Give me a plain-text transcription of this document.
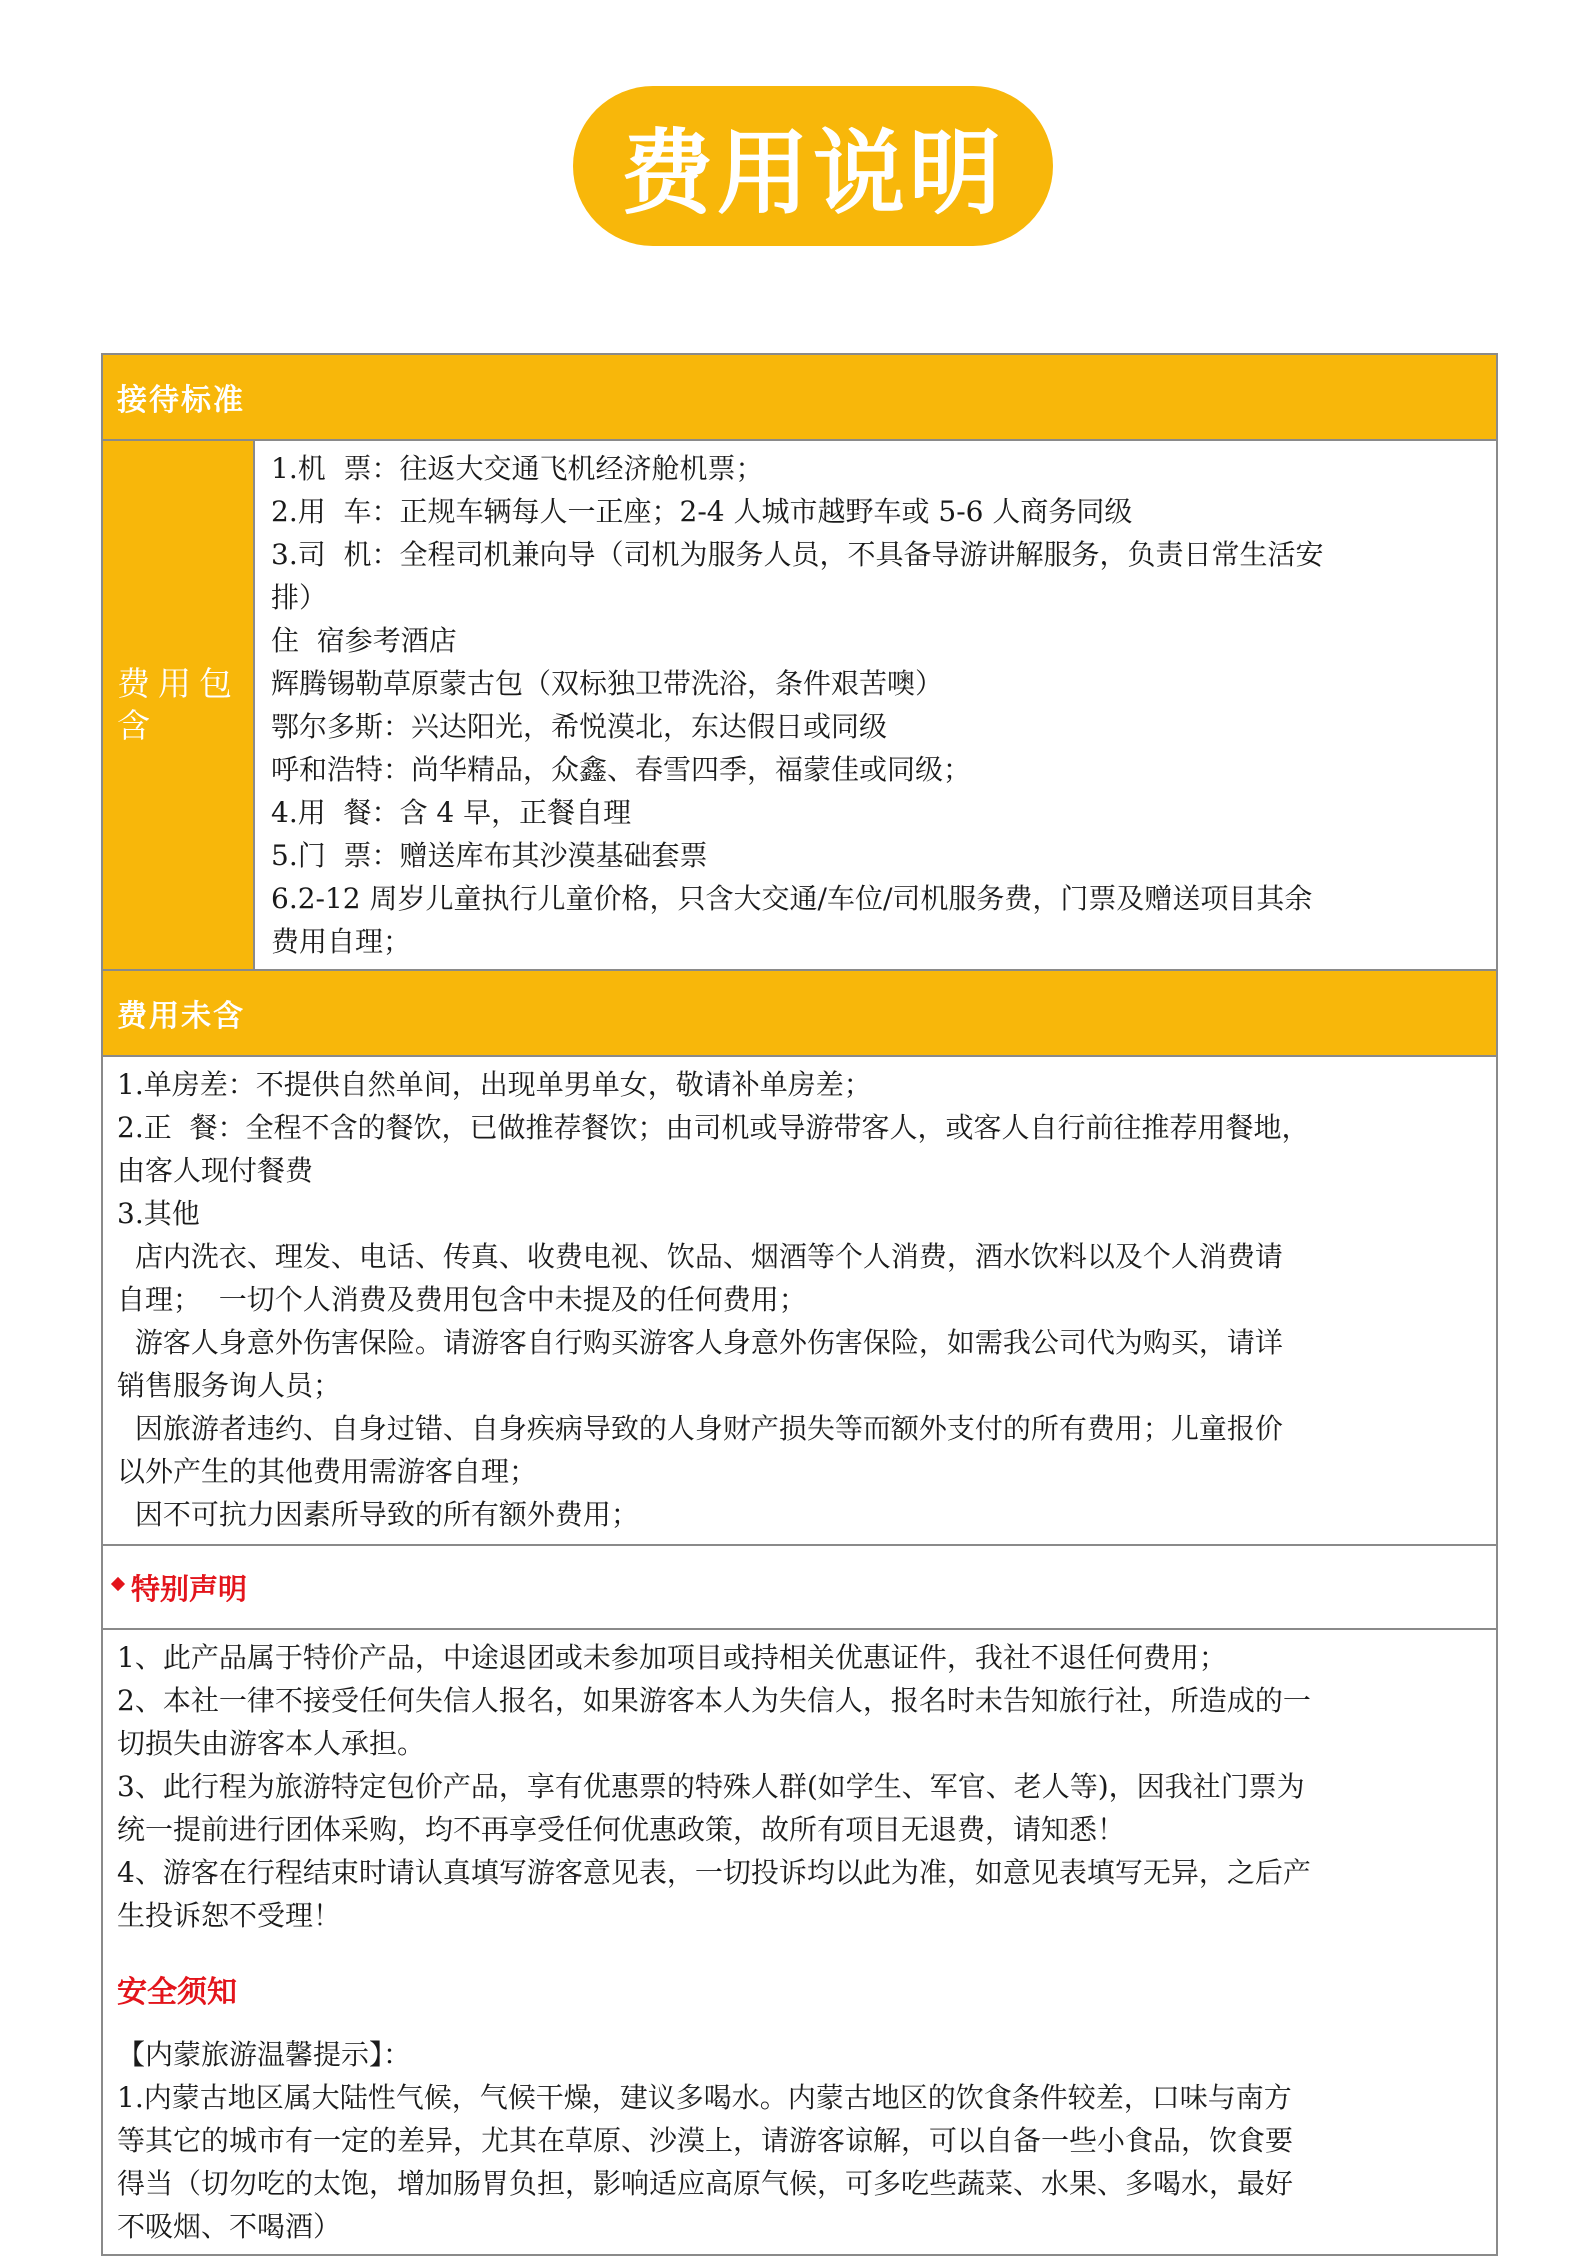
费用说明
接待标准
费用包含
1.机  票：往返大交通飞机经济舱机票；
2.用  车：正规车辆每人一正座；2-4 人城市越野车或 5-6 人商务同级
3.司  机：全程司机兼向导（司机为服务人员，不具备导游讲解服务，负责日常生活安
排）
住  宿参考酒店
辉腾锡勒草原蒙古包（双标独卫带洗浴，条件艰苦噢）
鄂尔多斯：兴达阳光，希悦漠北，东达假日或同级
呼和浩特：尚华精品，众鑫、春雪四季，福蒙佳或同级；
4.用  餐：含 4 早，正餐自理
5.门  票：赠送库布其沙漠基础套票
6.2-12 周岁儿童执行儿童价格，只含大交通/车位/司机服务费，门票及赠送项目其余
费用自理；
费用未含
1.单房差：不提供自然单间，出现单男单女，敬请补单房差；
2.正  餐：全程不含的餐饮，已做推荐餐饮；由司机或导游带客人，或客人自行前往推荐用餐地，
由客人现付餐费
3.其他
店内洗衣、理发、电话、传真、收费电视、饮品、烟酒等个人消费，酒水饮料以及个人消费请
自理；  一切个人消费及费用包含中未提及的任何费用；
游客人身意外伤害保险。请游客自行购买游客人身意外伤害保险，如需我公司代为购买，请详
销售服务询人员；
因旅游者违约、自身过错、自身疾病导致的人身财产损失等而额外支付的所有费用；儿童报价
以外产生的其他费用需游客自理；
因不可抗力因素所导致的所有额外费用；
特别声明
1、此产品属于特价产品，中途退团或未参加项目或持相关优惠证件，我社不退任何费用；
2、本社一律不接受任何失信人报名，如果游客本人为失信人，报名时未告知旅行社，所造成的一
切损失由游客本人承担。
3、此行程为旅游特定包价产品，享有优惠票的特殊人群(如学生、军官、老人等)，因我社门票为
统一提前进行团体采购，均不再享受任何优惠政策，故所有项目无退费，请知悉！
4、游客在行程结束时请认真填写游客意见表，一切投诉均以此为准，如意见表填写无异，之后产
生投诉恕不受理！
安全须知
【内蒙旅游温馨提示】：
1.内蒙古地区属大陆性气候，气候干燥，建议多喝水。内蒙古地区的饮食条件较差，口味与南方
等其它的城市有一定的差异，尤其在草原、沙漠上，请游客谅解，可以自备一些小食品，饮食要
得当（切勿吃的太饱，增加肠胃负担，影响适应高原气候，可多吃些蔬菜、水果、多喝水，最好
不吸烟、不喝酒）
